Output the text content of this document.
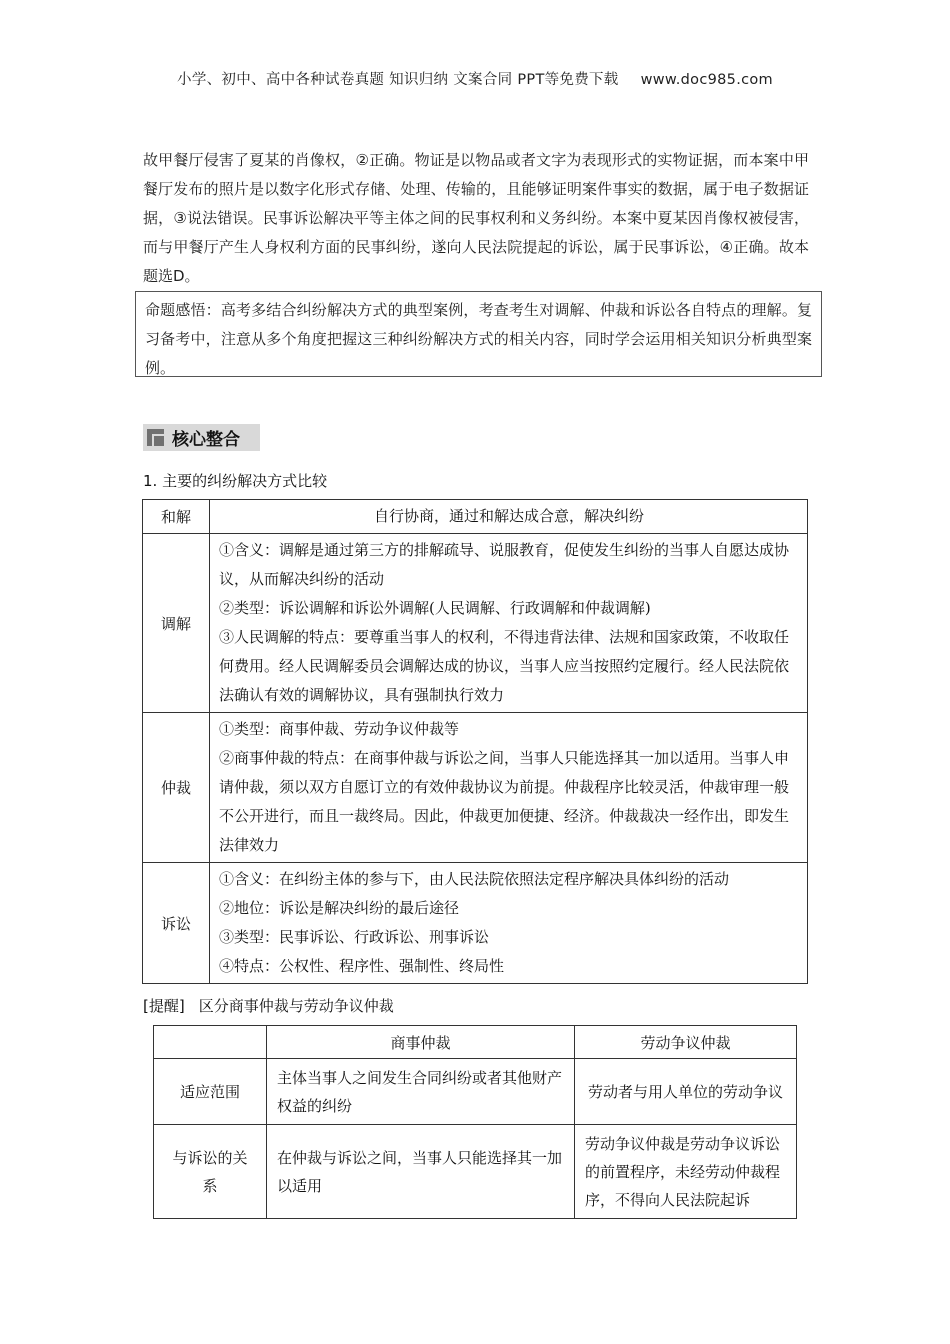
小学、初中、高中各种试卷真题 知识归纳 文案合同 PPT等免费下载 www.doc985.com

故甲餐厅侵害了夏某的肖像权，②正确。物证是以物品或者文字为表现形式的实物证据，而本案中甲餐厅发布的照片是以数字化形式存储、处理、传输的，且能够证明案件事实的数据，属于电子数据证据，③说法错误。民事诉讼解决平等主体之间的民事权利和义务纠纷。本案中夏某因肖像权被侵害，而与甲餐厅产生人身权利方面的民事纠纷，遂向人民法院提起的诉讼，属于民事诉讼，④正确。故本题选D。

命题感悟：高考多结合纠纷解决方式的典型案例，考查考生对调解、仲裁和诉讼各自特点的理解。复习备考中，注意从多个角度把握这三种纠纷解决方式的相关内容，同时学会运用相关知识分析典型案例。
核心整合
1. 主要的纠纷解决方式比较
和解	自行协商，通过和解达成合意，解决纠纷
调解	①含义：调解是通过第三方的排解疏导、说服教育，促使发生纠纷的当事人自愿达成协议，从而解决纠纷的活动

②类型：诉讼调解和诉讼外调解(人民调解、行政调解和仲裁调解)

③人民调解的特点：要尊重当事人的权利，不得违背法律、法规和国家政策，不收取任何费用。经人民调解委员会调解达成的协议，当事人应当按照约定履行。经人民法院依法确认有效的调解协议，具有强制执行效力

仲裁	①类型：商事仲裁、劳动争议仲裁等

②商事仲裁的特点：在商事仲裁与诉讼之间，当事人只能选择其一加以适用。当事人申请仲裁，须以双方自愿订立的有效仲裁协议为前提。仲裁程序比较灵活，仲裁审理一般不公开进行，而且一裁终局。因此，仲裁更加便捷、经济。仲裁裁决一经作出，即发生法律效力

诉讼	①含义：在纠纷主体的参与下，由人民法院依照法定程序解决具体纠纷的活动

②地位：诉讼是解决纠纷的最后途径

③类型：民事诉讼、行政诉讼、刑事诉讼

④特点：公权性、程序性、强制性、终局性

[提醒] 区分商事仲裁与劳动争议仲裁
	商事仲裁	劳动争议仲裁
适应范围	主体当事人之间发生合同纠纷或者其他财产权益的纠纷	劳动者与用人单位的劳动争议
与诉讼的关系	在仲裁与诉讼之间，当事人只能选择其一加以适用	劳动争议仲裁是劳动争议诉讼的前置程序，未经劳动仲裁程序，不得向人民法院起诉
